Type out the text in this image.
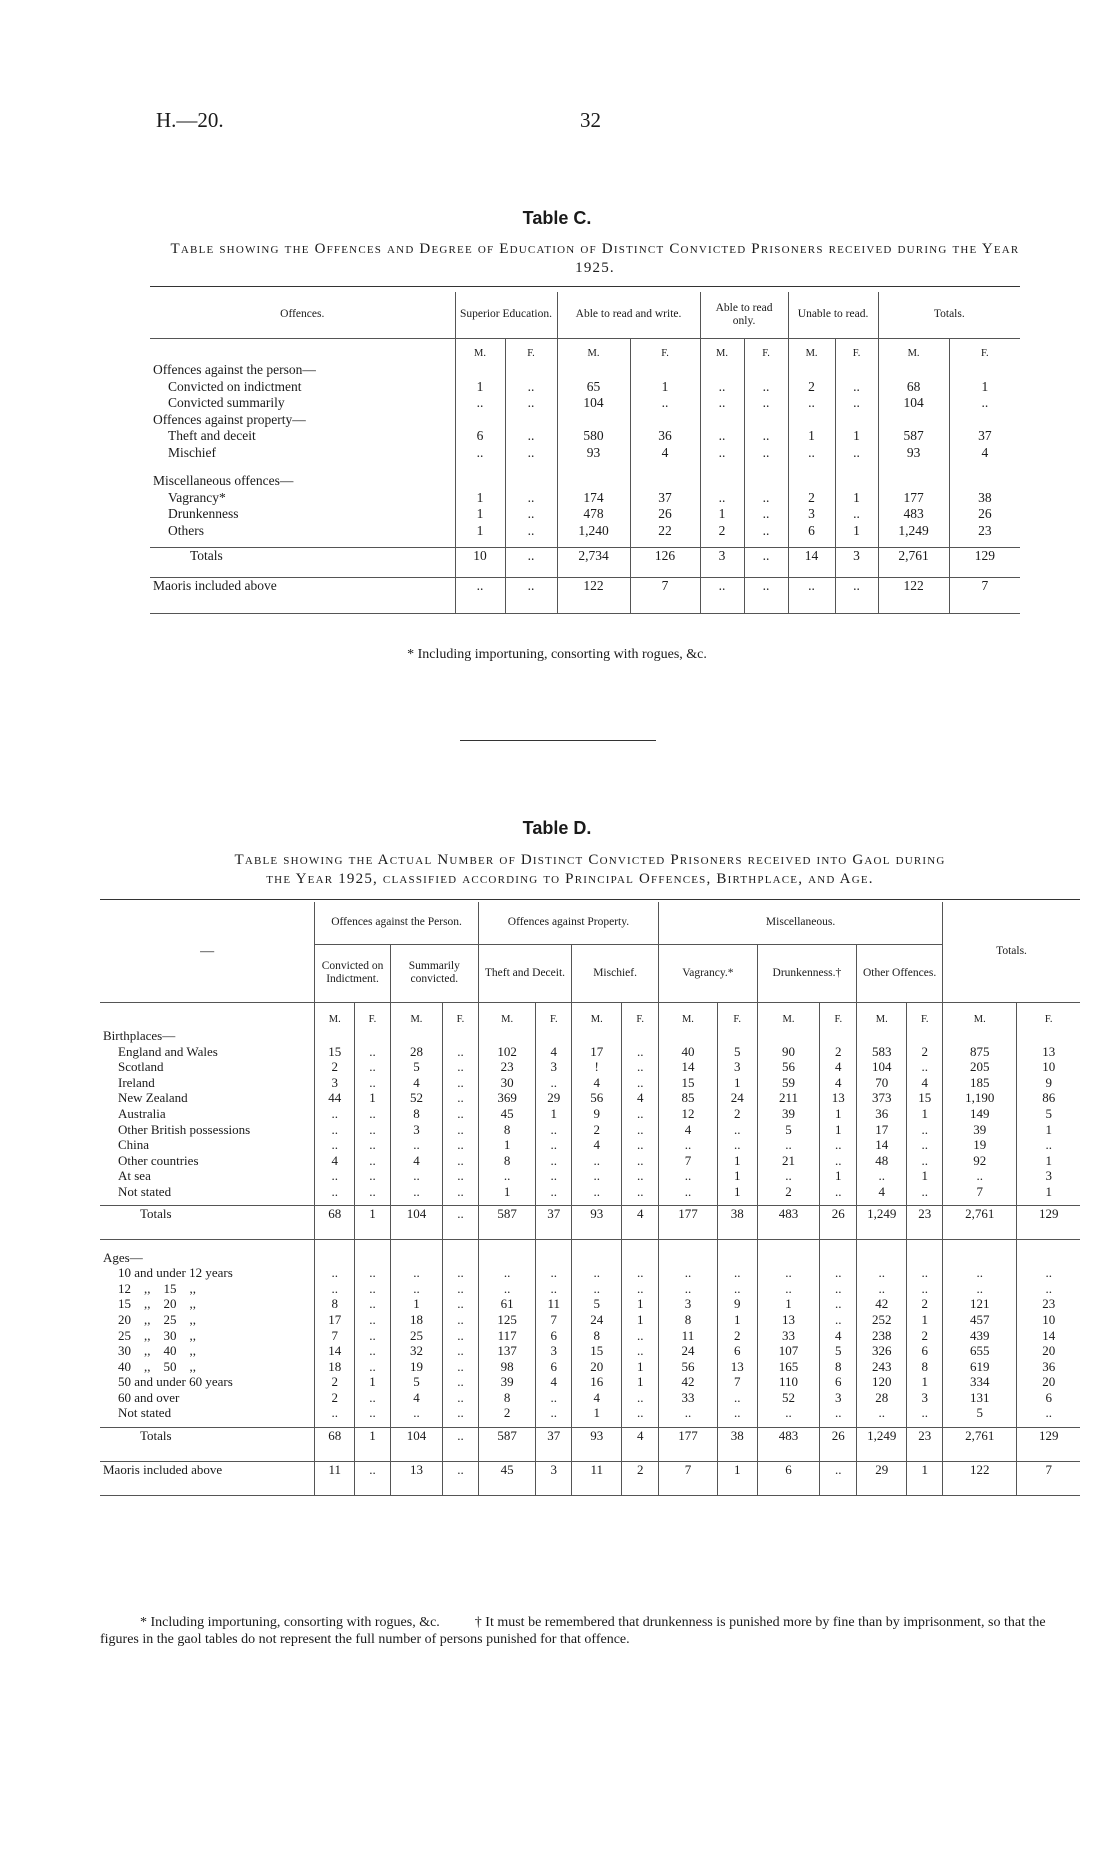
H.—20.	32
Table C.
Table showing the Offences and Degree of Education of Distinct Convicted Prisoners received during the Year 1925.
Offences.	Superior Education.		Able to read and write.		Able to read only.		Unable to read.		Totals.	
	M.	F.	M.	F.	M.	F.	M.	F.	M.	F.
Offences against the person—										
Convicted on indictment	1	..	65	1	..	..	2	..	68	1
Convicted summarily	..	..	104	..	..	..	..	..	104	..
Offences against property—										
Theft and deceit	6	..	580	36	..	..	1	1	587	37
Mischief	..	..	93	4	..	..	..	..	93	4

Miscellaneous offences—										
Vagrancy*	1	..	174	37	..	..	2	1	177	38
Drunkenness	1	..	478	26	1	..	3	..	483	26
Others	1	..	1,240	22	2	..	6	1	1,249	23

Totals	10	..	2,734	126	3	..	14	3	2,761	129
Maoris included above	..	..	122	7	..	..	..	..	122	7
* Including importuning, consorting with rogues, &c.
Table D.
Table showing the Actual Number of Distinct Convicted Prisoners received into Gaol during
the Year 1925, classified according to Principal Offences, Birthplace, and Age.
—	Offences against the Person.				Offences against Property.				Miscellaneous.						Totals.	
	Convicted on Indictment.		Summarily convicted.		Theft and Deceit.		Mischief.		Vagrancy.*		Drunkenness.†		Other Offences.			
	M.	F.	M.	F.	M.	F.	M.	F.	M.	F.	M.	F.	M.	F.	M.	F.
Birthplaces—																
England and Wales	15	..	28	..	102	4	17	..	40	5	90	2	583	2	875	13
Scotland	2	..	5	..	23	3	!	..	14	3	56	4	104	..	205	10
Ireland	3	..	4	..	30	..	4	..	15	1	59	4	70	4	185	9
New Zealand	44	1	52	..	369	29	56	4	85	24	211	13	373	15	1,190	86
Australia	..	..	8	..	45	1	9	..	12	2	39	1	36	1	149	5
Other British possessions	..	..	3	..	8	..	2	..	4	..	5	1	17	..	39	1
China	..	..	..	..	1	..	4	..	..	..	..	..	14	..	19	..
Other countries	4	..	4	..	8	..	..	..	7	1	21	..	48	..	92	1
At sea	..	..	..	..	..	..	..	..	..	1	..	1	..	1	..	3
Not stated	..	..	..	..	1	..	..	..	..	1	2	..	4	..	7	1

Totals	68	1	104	..	587	37	93	4	177	38	483	26	1,249	23	2,761	129

Ages—																
10 and under 12 years	..	..	..	..	..	..	..	..	..	..	..	..	..	..	..	..
12    ,,    15    ,,	..	..	..	..	..	..	..	..	..	..	..	..	..	..	..	..
15    ,,    20    ,,	8	..	1	..	61	11	5	1	3	9	1	..	42	2	121	23
20    ,,    25    ,,	17	..	18	..	125	7	24	1	8	1	13	..	252	1	457	10
25    ,,    30    ,,	7	..	25	..	117	6	8	..	11	2	33	4	238	2	439	14
30    ,,    40    ,,	14	..	32	..	137	3	15	..	24	6	107	5	326	6	655	20
40    ,,    50    ,,	18	..	19	..	98	6	20	1	56	13	165	8	243	8	619	36
50 and under 60 years	2	1	5	..	39	4	16	1	42	7	110	6	120	1	334	20
60 and over	2	..	4	..	8	..	4	..	33	..	52	3	28	3	131	6
Not stated	..	..	..	..	2	..	1	..	..	..	..	..	..	..	5	..

Totals	68	1	104	..	587	37	93	4	177	38	483	26	1,249	23	2,761	129
Maoris included above	11	..	13	..	45	3	11	2	7	1	6	..	29	1	122	7
* Including importuning, consorting with rogues, &c.          † It must be remembered that drunkenness is punished more by fine than by imprisonment, so that the figures in the gaol tables do not represent the full number of persons punished for that offence.
